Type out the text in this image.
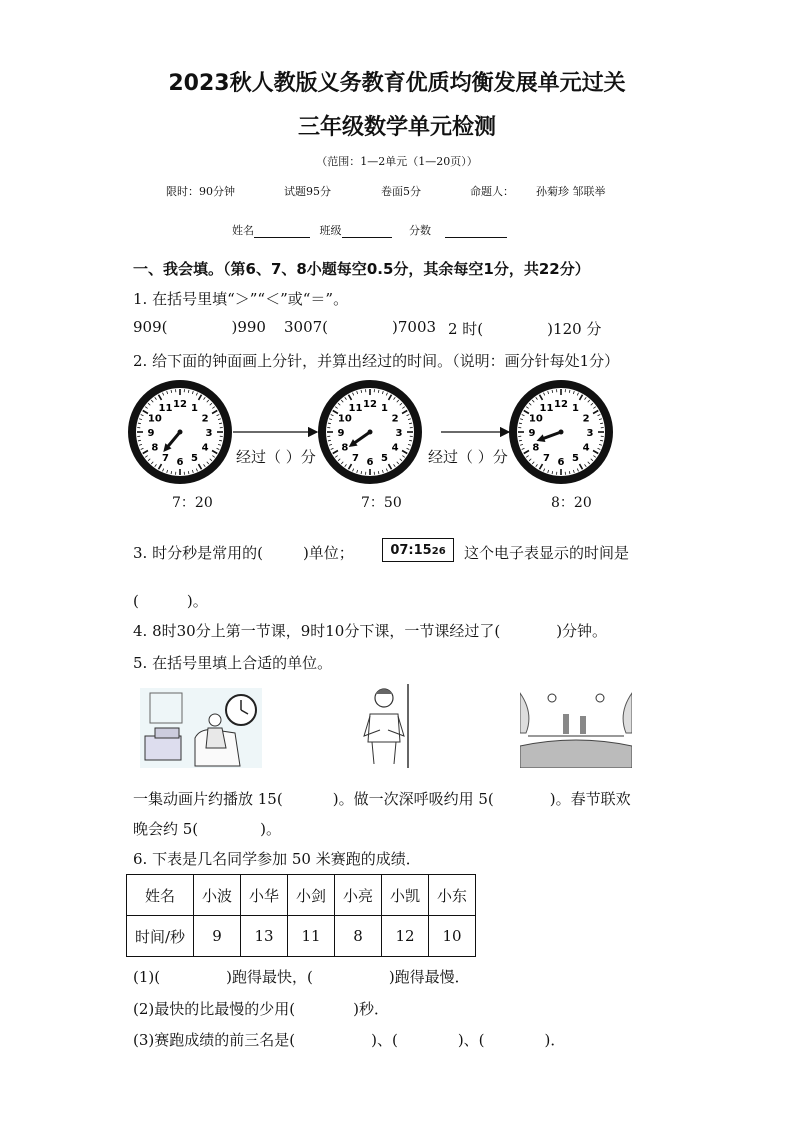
2023秋人教版义务教育优质均衡发展单元过关
三年级数学单元检测
（范围：1—2单元（1—20页））
限时：90分钟	试题95分	卷面5分	命题人： 孙菊珍 邹联举
姓名	班级	分数
一、我会填。（第6、7、8小题每空0.5分，其余每空1分，共22分）
1. 在括号里填“＞”“＜”或“＝”。
909(	)990 3007(	)7003 2 时(	)120 分
2. 给下面的钟面画上分针，并算出经过的时间。（说明：画分针每处1分）
12 1
2
3
4
5
6
7
8
9
10
11	12 1
2
3
4
5
6
7
8
9
10
11	12 1
2
3
4
5
6
7
8
9
10
11
经过（ ）分	经过（ ）分
7：20	7：50	8：20
3. 时分秒是常用的(	)单位；	07:1526	这个电子表显示的时间是
(	)。
4. 8时30分上第一节课，9时10分下课，一节课经过了(	)分钟。
5. 在括号里填上合适的单位。
一集动画片约播放 15(	)。做一次深呼吸约用 5(	)。春节联欢
晚会约 5(	)。
6. 下表是几名同学参加 50 米赛跑的成绩．
姓名	小波	小华	小剑	小亮	小凯	小东
时间/秒	9	13	11	8	12	10
(1)(	)跑得最快，(	)跑得最慢．
(2)最快的比最慢的少用(	)秒．
(3)赛跑成绩的前三名是(	)、(	)、(	)．
